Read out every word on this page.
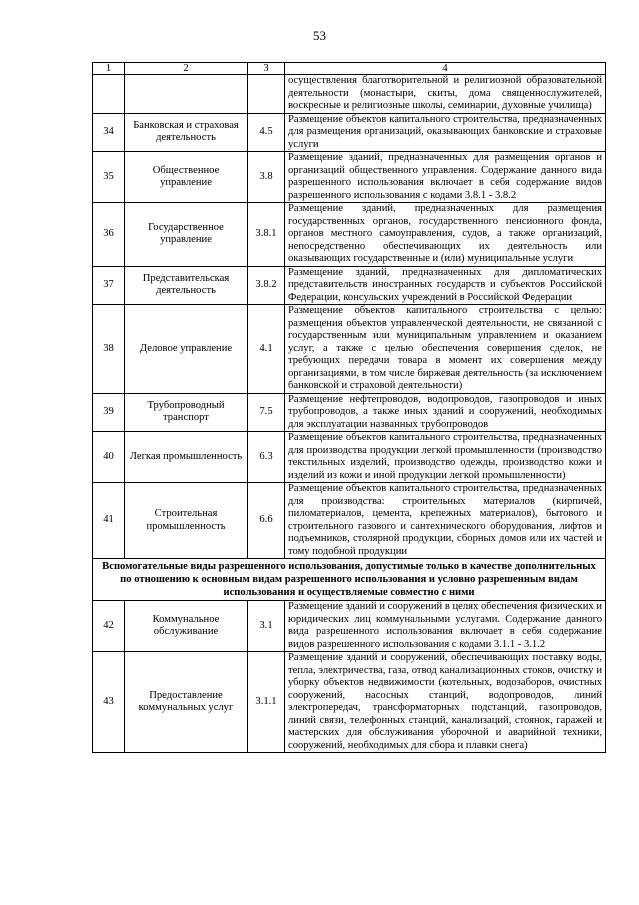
53
1	2	3	4
			осуществления благотворительной и религиозной образовательной деятельности (монастыри, скиты, дома священнослужителей, воскресные и религиозные школы, семинарии, духовные училища)
34	Банковская и страховая деятельность	4.5	Размещение объектов капитального строительства, предназначенных для размещения организаций, оказывающих банковские и страховые услуги
35	Общественное управление	3.8	Размещение зданий, предназначенных для размещения органов и организаций общественного управления. Содержание данного вида разрешенного использования включает в себя содержание видов разрешенного использования с кодами 3.8.1 - 3.8.2
36	Государственное управление	3.8.1	Размещение зданий, предназначенных для размещения государственных органов, государственного пенсионного фонда, органов местного самоуправления, судов, а также организаций, непосредственно обеспечивающих их деятельность или оказывающих государственные и (или) муниципальные услуги
37	Представительская деятельность	3.8.2	Размещение зданий, предназначенных для дипломатических представительств иностранных государств и субъектов Российской Федерации, консульских учреждений в Российской Федерации
38	Деловое управление	4.1	Размещение объектов капитального строительства с целью: размещения объектов управленческой деятельности, не связанной с государственным или муниципальным управлением и оказанием услуг, а также с целью обеспечения совершения сделок, не требующих передачи товара в момент их совершения между организациями, в том числе биржевая деятельность (за исключением банковской и страховой деятельности)
39	Трубопроводный транспорт	7.5	Размещение нефтепроводов, водопроводов, газопроводов и иных трубопроводов, а также иных зданий и сооружений, необходимых для эксплуатации названных трубопроводов
40	Легкая промышленность	6.3	Размещение объектов капитального строительства, предназначенных для производства продукции легкой промышленности (производство текстильных изделий, производство одежды, производство кожи и изделий из кожи и иной продукции легкой промышленности)
41	Строительная промышленность	6.6	Размещение объектов капитального строительства, предназначенных для производства: строительных материалов (кирпичей, пиломатериалов, цемента, крепежных материалов), бытового и строительного газового и сантехнического оборудования, лифтов и подъемников, столярной продукции, сборных домов или их частей и тому подобной продукции
Вспомогательные виды разрешенного использования, допустимые только в качестве дополнительных по отношению к основным видам разрешенного использования и условно разрешенным видам использования и осуществляемые совместно с ними			
42	Коммунальное обслуживание	3.1	Размещение зданий и сооружений в целях обеспечения физических и юридических лиц коммунальными услугами. Содержание данного вида разрешенного использования включает в себя содержание видов разрешенного использования с кодами 3.1.1 - 3.1.2
43	Предоставление коммунальных услуг	3.1.1	Размещение зданий и сооружений, обеспечивающих поставку воды, тепла, электричества, газа, отвод канализационных стоков, очистку и уборку объектов недвижимости (котельных, водозаборов, очистных сооружений, насосных станций, водопроводов, линий электропередач, трансформаторных подстанций, газопроводов, линий связи, телефонных станций, канализаций, стоянок, гаражей и мастерских для обслуживания уборочной и аварийной техники, сооружений, необходимых для сбора и плавки снега)
